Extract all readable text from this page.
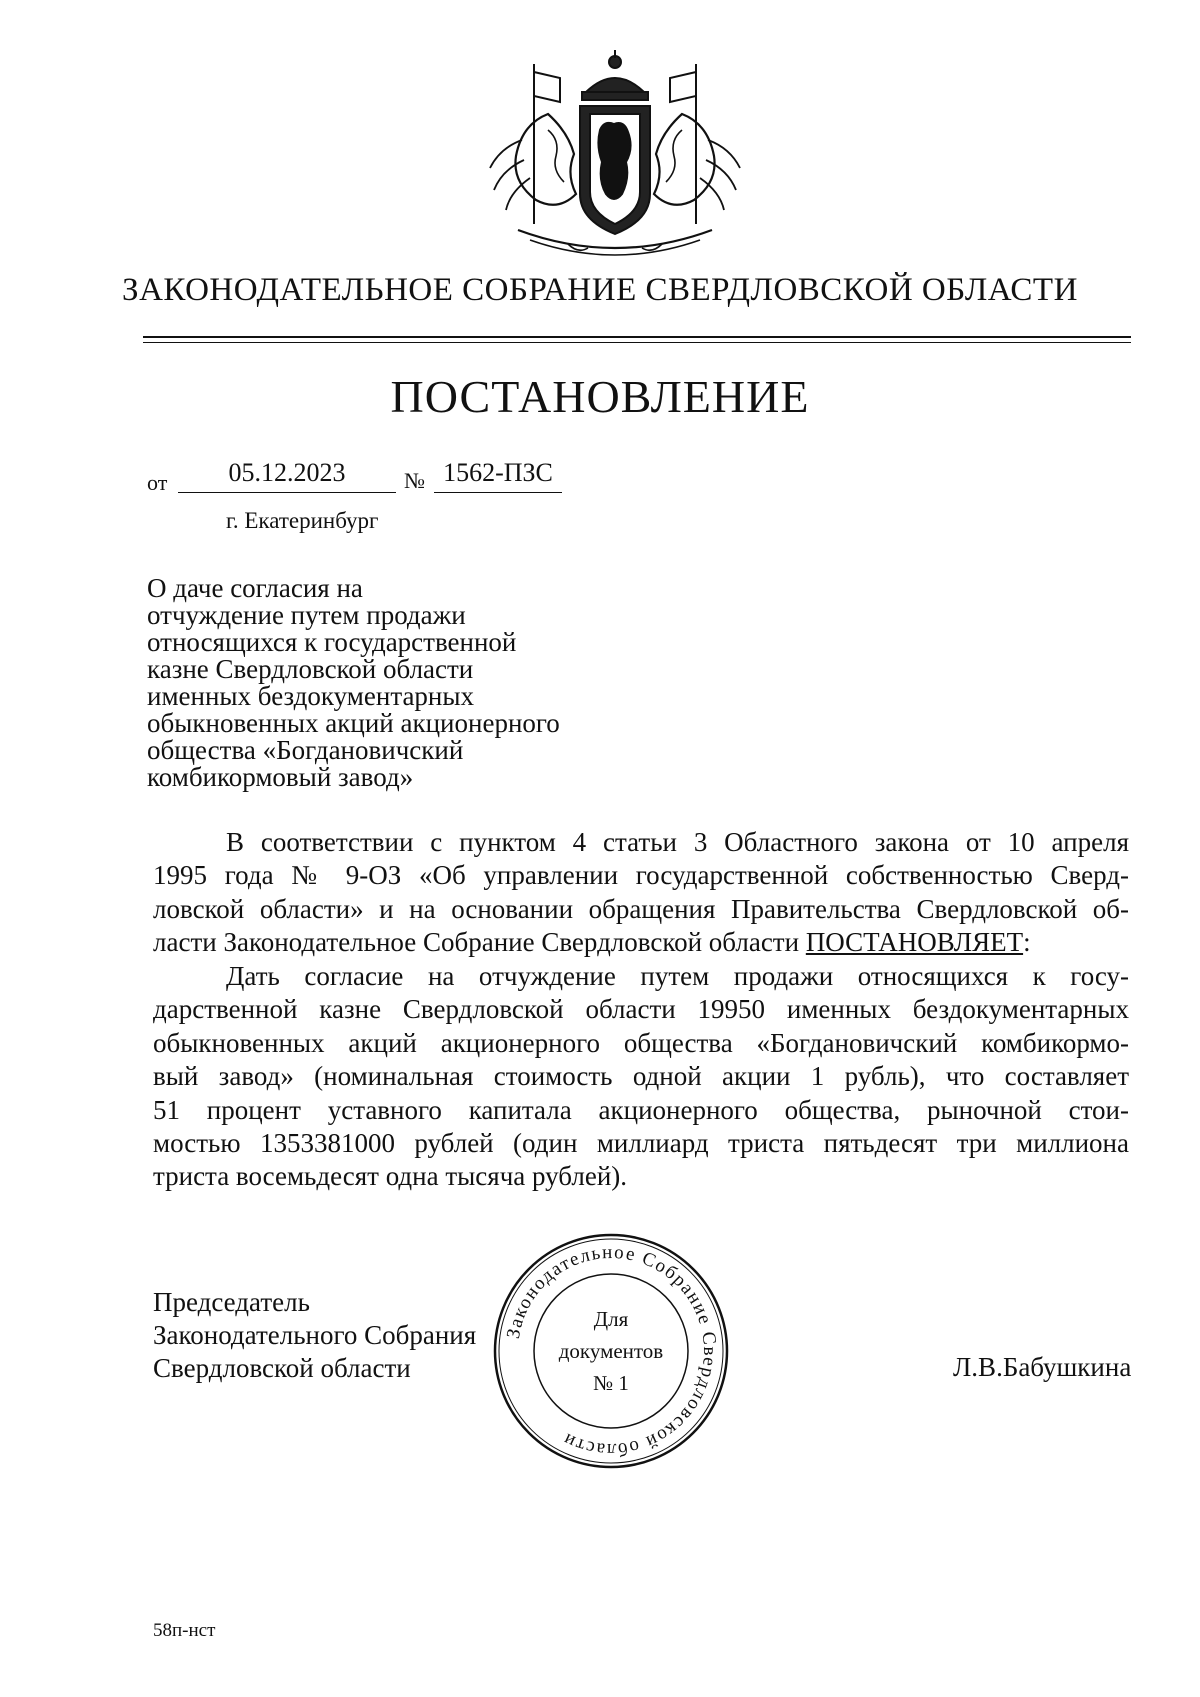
ЗАКОНОДАТЕЛЬНОЕ СОБРАНИЕ СВЕРДЛОВСКОЙ ОБЛАСТИ
ПОСТАНОВЛЕНИЕ
от	05.12.2023	№ 1562-ПЗС
г. Екатеринбург
О даче согласия на
отчуждение путем продажи
относящихся к государственной
казне Свердловской области
именных бездокументарных
обыкновенных акций акционерного
общества «Богдановичский
комбикормовый завод»
В соответствии с пунктом 4 статьи 3 Областного закона от 10 апреля
1995 года № 9-ОЗ «Об управлении государственной собственностью Сверд-
ловской области» и на основании обращения Правительства Свердловской об-
ласти Законодательное Собрание Свердловской области ПОСТАНОВЛЯЕТ:
Дать согласие на отчуждение путем продажи относящихся к госу-
дарственной казне Свердловской области 19950 именных бездокументарных
обыкновенных акций акционерного общества «Богдановичский комбикормо-
вый завод» (номинальная стоимость одной акции 1 рубль), что составляет
51 процент уставного капитала акционерного общества, рыночной стои-
мостью 1353381000 рублей (один миллиард триста пятьдесят три миллиона
триста восемьдесят одна тысяча рублей).
Председатель
Законодательного Собрания
Свердловской области
Законодательное Собрание Свердловской области
Для
документов
№ 1
Л.В.Бабушкина
58п-нст
